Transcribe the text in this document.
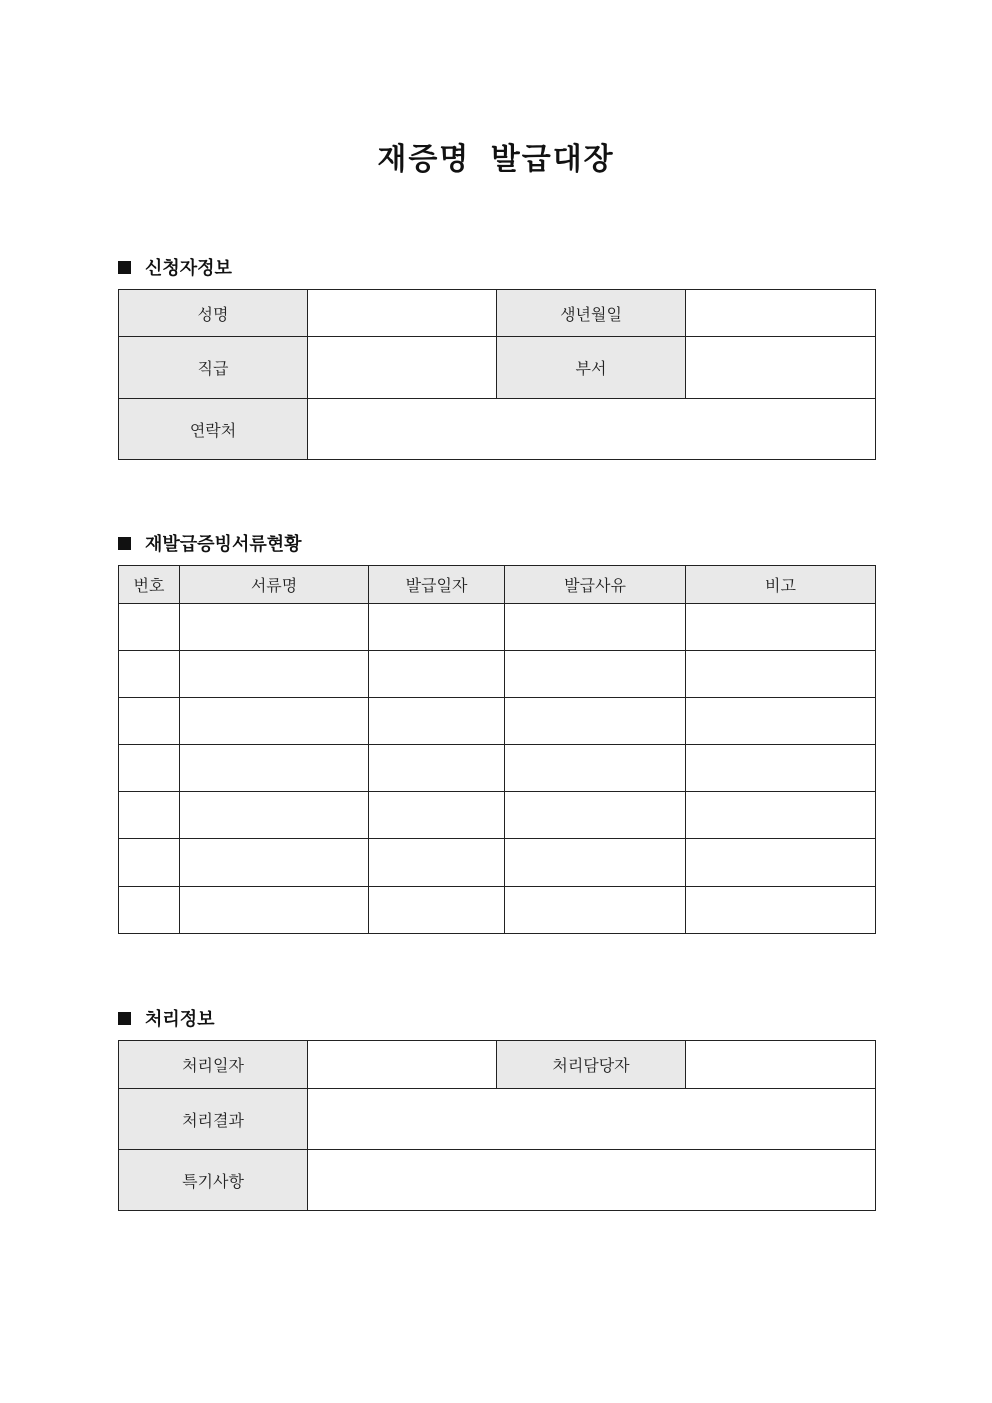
재증명 발급대장
신청자정보
성명		생년월일	
직급		부서	
연락처			
재발급증빙서류현황
번호	서류명	발급일자	발급사유	비고

처리정보
처리일자		처리담당자	
처리결과			
특기사항			
